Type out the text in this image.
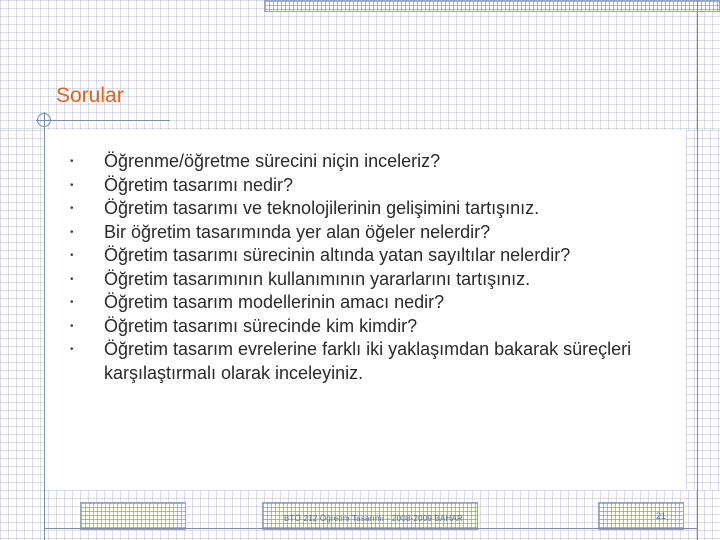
Sorular
• Öğrenme/öğretme sürecini niçin inceleriz?
• Öğretim tasarımı nedir?
• Öğretim tasarımı ve teknolojilerinin gelişimini tartışınız.
• Bir öğretim tasarımında yer alan öğeler nelerdir?
• Öğretim tasarımı sürecinin altında yatan sayıltılar nelerdir?
• Öğretim tasarımının kullanımının yararlarını tartışınız.
• Öğretim tasarım modellerinin amacı nedir?
• Öğretim tasarımı sürecinde kim kimdir?
• Öğretim tasarım evrelerine farklı iki yaklaşımdan bakarak süreçleri karşılaştırmalı olarak inceleyiniz.
BTÖ 212 Öğretim Tasarımı - 2008-2009 BAHAR	21
